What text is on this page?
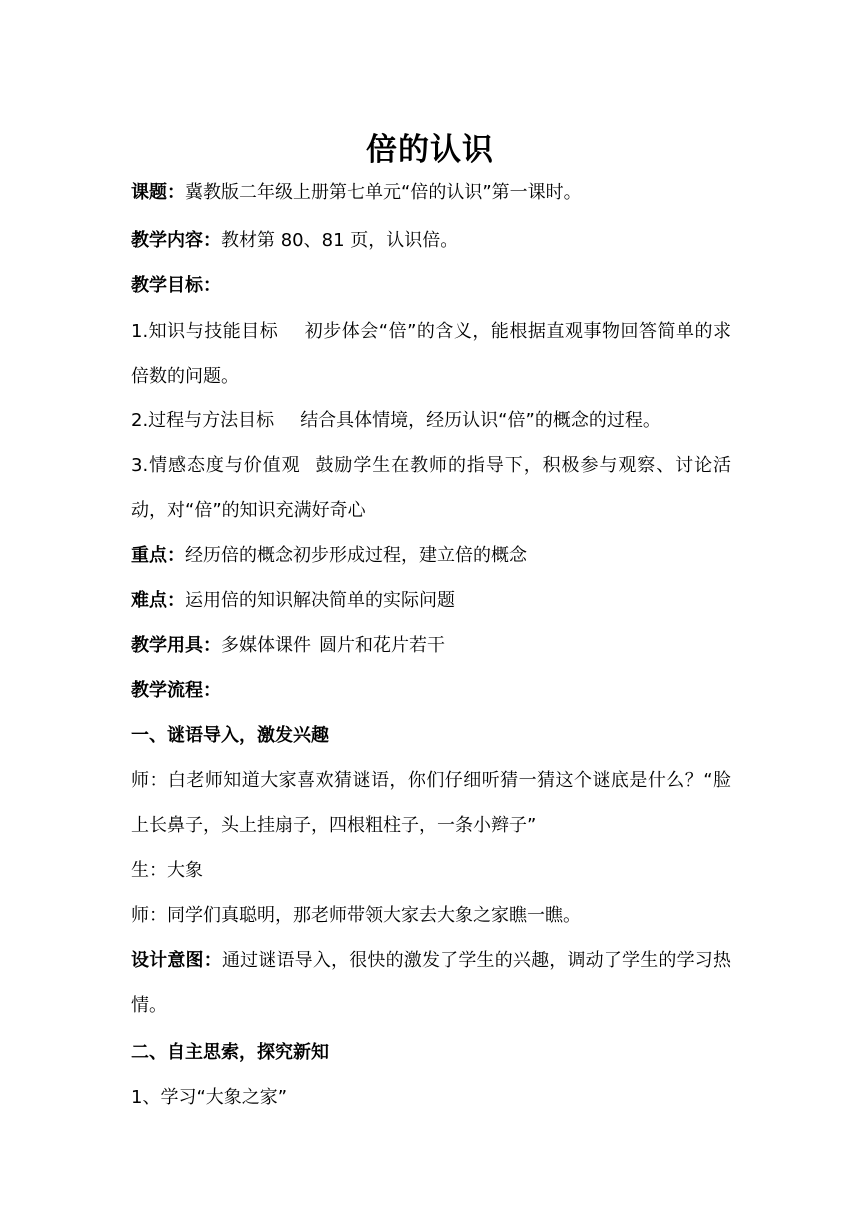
倍的认识
课题：冀教版二年级上册第七单元“倍的认识”第一课时。
教学内容：教材第 80、81 页，认识倍。
教学目标：
1.知识与技能目标 初步体会“倍”的含义，能根据直观事物回答简单的求倍数的问题。
2.过程与方法目标 结合具体情境，经历认识“倍”的概念的过程。
3.情感态度与价值观 鼓励学生在教师的指导下，积极参与观察、讨论活动，对“倍”的知识充满好奇心
重点：经历倍的概念初步形成过程，建立倍的概念
难点：运用倍的知识解决简单的实际问题
教学用具：多媒体课件 圆片和花片若干
教学流程：
一、谜语导入，激发兴趣
师：白老师知道大家喜欢猜谜语，你们仔细听猜一猜这个谜底是什么？“脸上长鼻子，头上挂扇子，四根粗柱子，一条小辫子”
生：大象
师：同学们真聪明，那老师带领大家去大象之家瞧一瞧。
设计意图：通过谜语导入，很快的激发了学生的兴趣，调动了学生的学习热情。
二、自主思索，探究新知
1、学习“大象之家”
